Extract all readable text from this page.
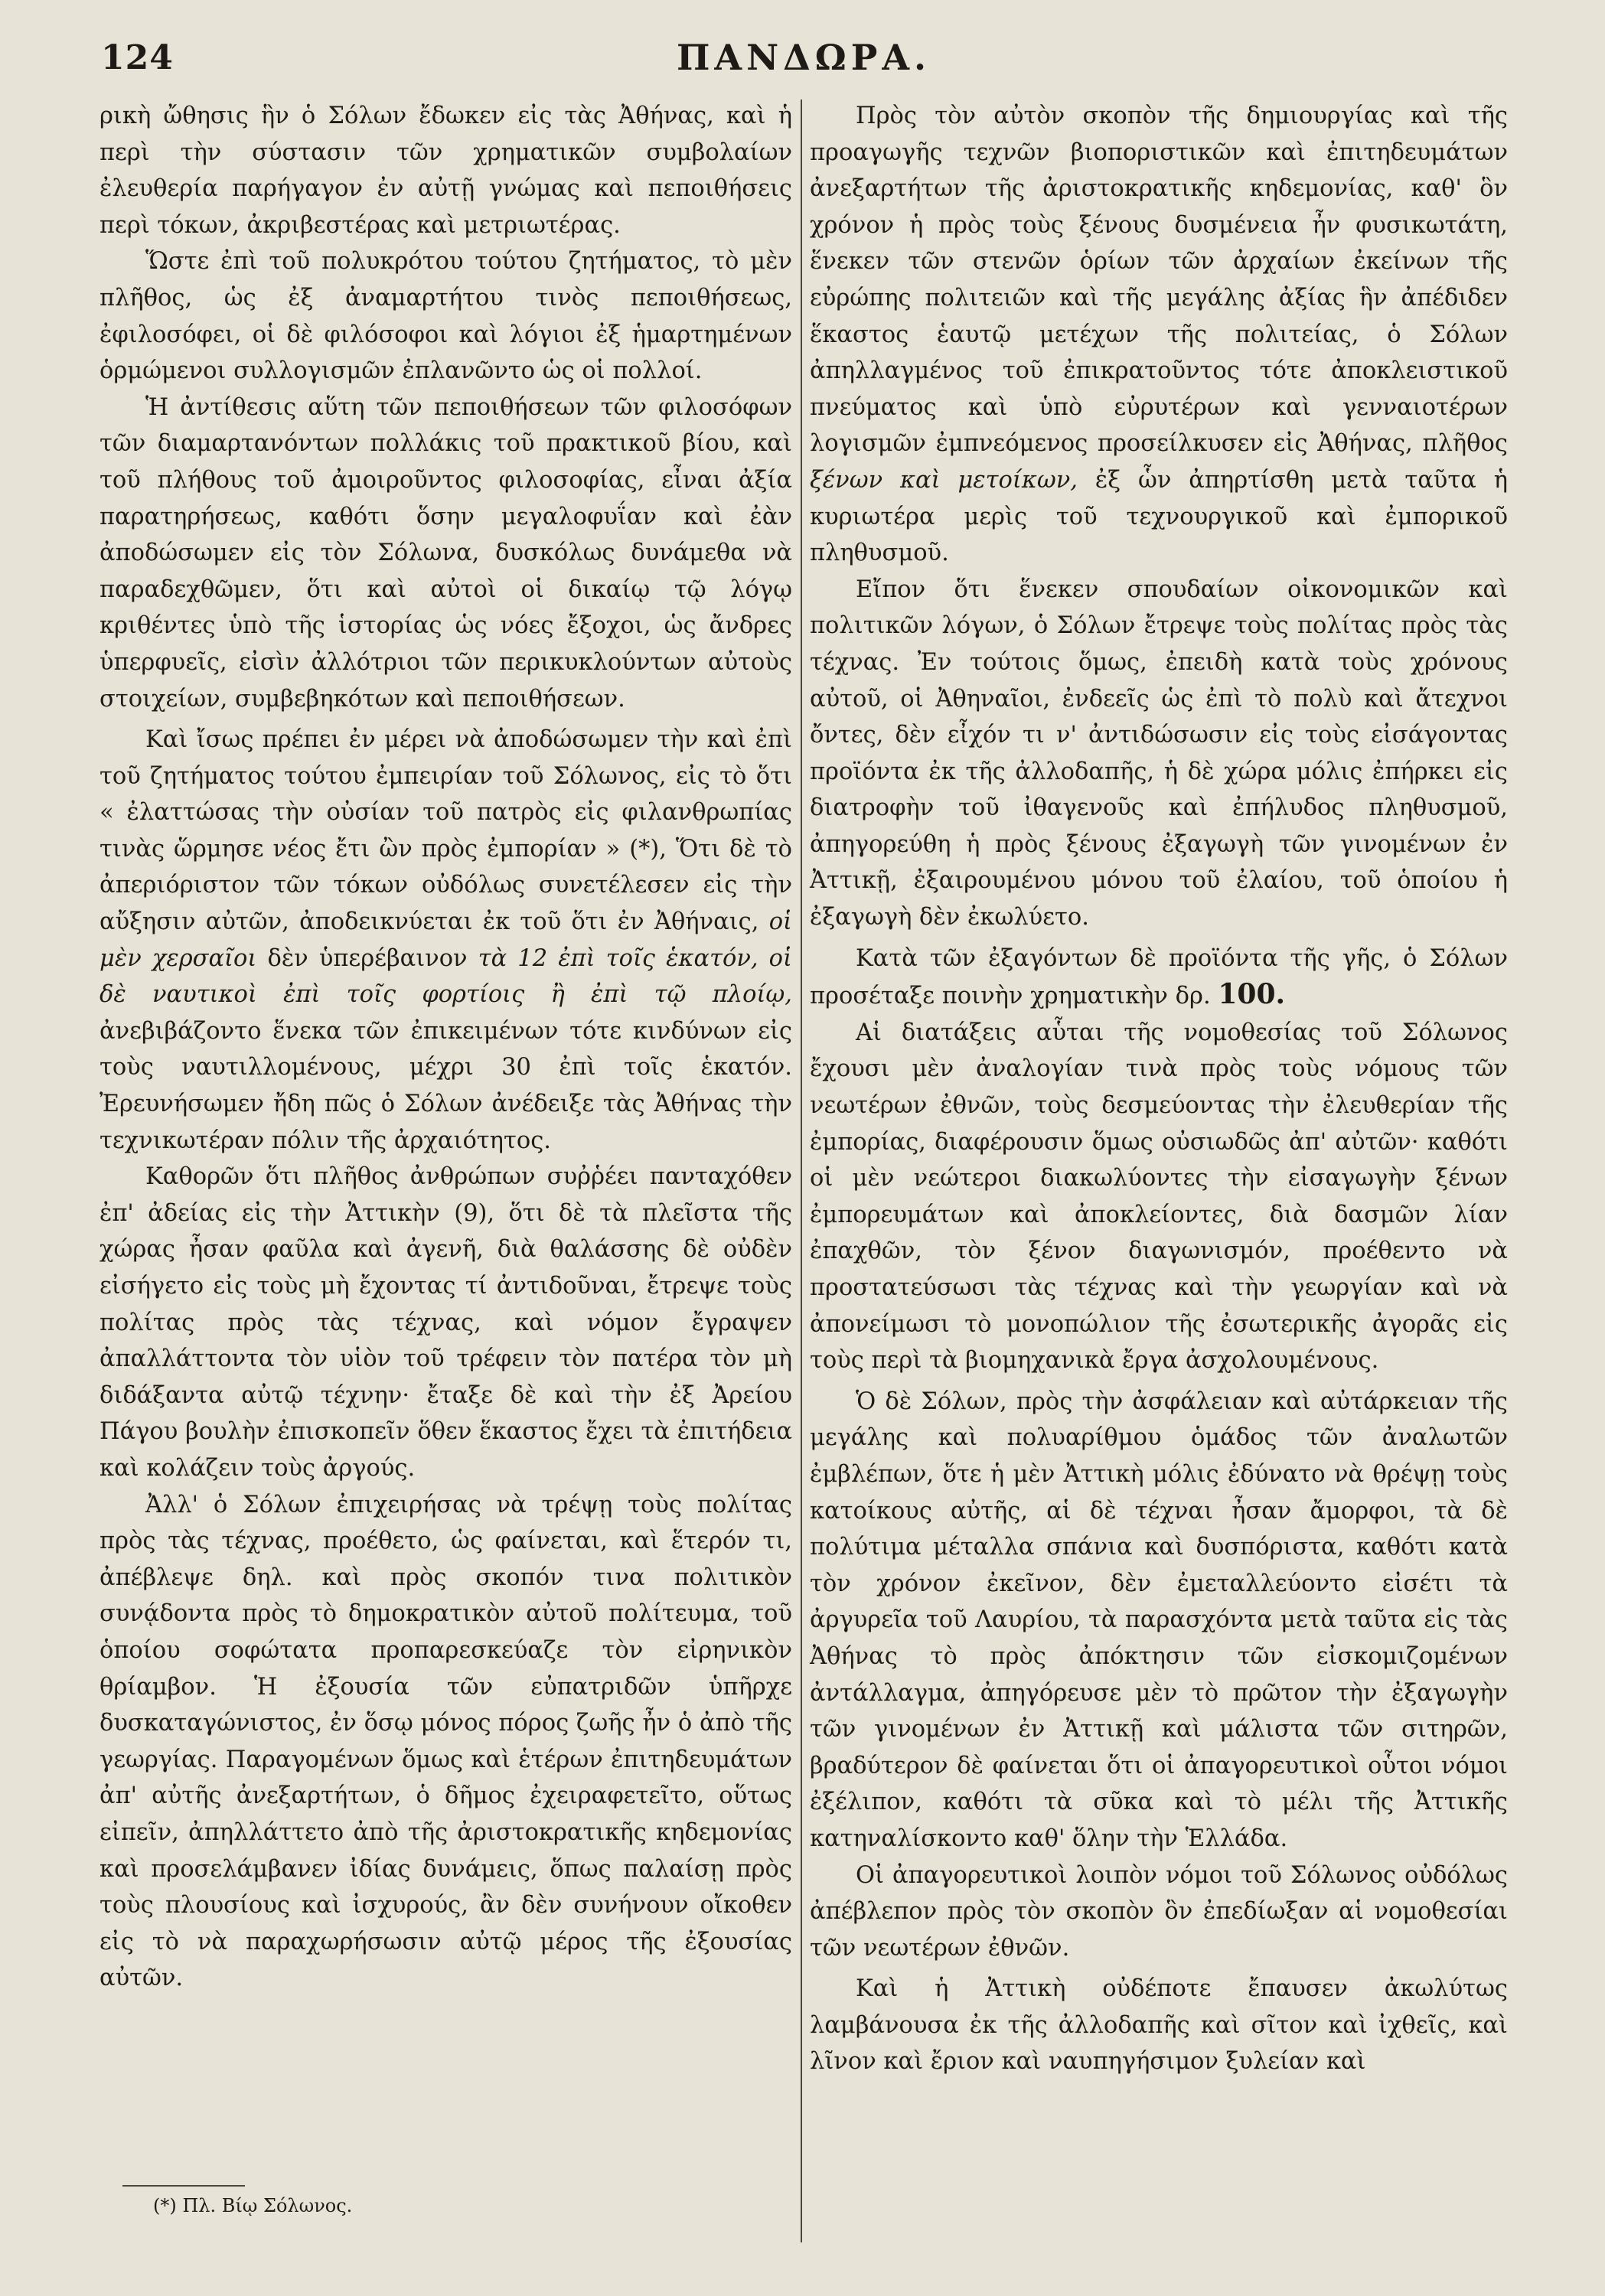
124	ΠΑΝΔΩΡΑ.

ρικὴ ὤθησις ἣν ὁ Σόλων ἔδωκεν εἰς τὰς Ἀθήνας, καὶ ἡ περὶ τὴν σύστασιν τῶν χρηματικῶν συμβολαίων ἐλευθερία παρήγαγον ἐν αὐτῇ γνώμας καὶ πεποιθήσεις περὶ τόκων, ἀκριβεστέρας καὶ μετριωτέρας.

Ὥστε ἐπὶ τοῦ πολυκρότου τούτου ζητήματος, τὸ μὲν πλῆθος, ὡς ἐξ ἀναμαρτήτου τινὸς πεποιθήσεως, ἐφιλοσόφει, οἱ δὲ φιλόσοφοι καὶ λόγιοι ἐξ ἡμαρτημένων ὁρμώμενοι συλλογισμῶν ἐπλανῶντο ὡς οἱ πολλοί.

Ἡ ἀντίθεσις αὕτη τῶν πεποιθήσεων τῶν φιλοσόφων τῶν διαμαρτανόντων πολλάκις τοῦ πρακτικοῦ βίου, καὶ τοῦ πλήθους τοῦ ἀμοιροῦντος φιλοσοφίας, εἶναι ἀξία παρατηρήσεως, καθότι ὅσην μεγαλοφυΐαν καὶ ἐὰν ἀποδώσωμεν εἰς τὸν Σόλωνα, δυσκόλως δυνάμεθα νὰ παραδεχθῶμεν, ὅτι καὶ αὐτοὶ οἱ δικαίῳ τῷ λόγῳ κριθέντες ὑπὸ τῆς ἱστορίας ὡς νόες ἔξοχοι, ὡς ἄνδρες ὑπερφυεῖς, εἰσὶν ἀλλότριοι τῶν περικυκλούντων αὐτοὺς στοιχείων, συμβεβηκότων καὶ πεποιθήσεων.

Καὶ ἴσως πρέπει ἐν μέρει νὰ ἀποδώσωμεν τὴν καὶ ἐπὶ τοῦ ζητήματος τούτου ἐμπειρίαν τοῦ Σόλωνος, εἰς τὸ ὅτι « ἐλαττώσας τὴν οὐσίαν τοῦ πατρὸς εἰς φιλανθρωπίας τινὰς ὥρμησε νέος ἔτι ὢν πρὸς ἐμπορίαν » (*), Ὅτι δὲ τὸ ἀπεριόριστον τῶν τόκων οὐδόλως συνετέλεσεν εἰς τὴν αὔξησιν αὐτῶν, ἀποδεικνύεται ἐκ τοῦ ὅτι ἐν Ἀθήναις, οἱ μὲν χερσαῖοι δὲν ὑπερέβαινον τὰ 12 ἐπὶ τοῖς ἑκατόν, οἱ δὲ ναυτικοὶ ἐπὶ τοῖς φορτίοις ἢ ἐπὶ τῷ πλοίῳ, ἀνεβιβάζοντο ἕνεκα τῶν ἐπικειμένων τότε κινδύνων εἰς τοὺς ναυτιλλομένους, μέχρι 30 ἐπὶ τοῖς ἑκατόν. Ἐρευνήσωμεν ἤδη πῶς ὁ Σόλων ἀνέδειξε τὰς Ἀθήνας τὴν τεχνικωτέραν πόλιν τῆς ἀρχαιότητος.

Καθορῶν ὅτι πλῆθος ἀνθρώπων συῤῥέει πανταχόθεν ἐπ' ἀδείας εἰς τὴν Ἀττικὴν (9), ὅτι δὲ τὰ πλεῖστα τῆς χώρας ἦσαν φαῦλα καὶ ἀγενῆ, διὰ θαλάσσης δὲ οὐδὲν εἰσήγετο εἰς τοὺς μὴ ἔχοντας τί ἀντιδοῦναι, ἔτρεψε τοὺς πολίτας πρὸς τὰς τέχνας, καὶ νόμον ἔγραψεν ἀπαλλάττοντα τὸν υἱὸν τοῦ τρέφειν τὸν πατέρα τὸν μὴ διδάξαντα αὐτῷ τέχνην· ἔταξε δὲ καὶ τὴν ἐξ Ἀρείου Πάγου βουλὴν ἐπισκοπεῖν ὅθεν ἕκαστος ἔχει τὰ ἐπιτήδεια καὶ κολάζειν τοὺς ἀργούς.

Ἀλλ' ὁ Σόλων ἐπιχειρήσας νὰ τρέψῃ τοὺς πολίτας πρὸς τὰς τέχνας, προέθετο, ὡς φαίνεται, καὶ ἕτερόν τι, ἀπέβλεψε δηλ. καὶ πρὸς σκοπόν τινα πολιτικὸν συνᾴδοντα πρὸς τὸ δημοκρατικὸν αὐτοῦ πολίτευμα, τοῦ ὁποίου σοφώτατα προπαρεσκεύαζε τὸν εἰρηνικὸν θρίαμβον. Ἡ ἐξουσία τῶν εὐπατριδῶν ὑπῆρχε δυσκαταγώνιστος, ἐν ὅσῳ μόνος πόρος ζωῆς ἦν ὁ ἀπὸ τῆς γεωργίας. Παραγομένων ὅμως καὶ ἑτέρων ἐπιτηδευμάτων ἀπ' αὐτῆς ἀνεξαρτήτων, ὁ δῆμος ἐχειραφετεῖτο, οὕτως εἰπεῖν, ἀπηλλάττετο ἀπὸ τῆς ἀριστοκρατικῆς κηδεμονίας καὶ προσελάμβανεν ἰδίας δυνάμεις, ὅπως παλαίσῃ πρὸς τοὺς πλουσίους καὶ ἰσχυρούς, ἂν δὲν συνήνουν οἴκοθεν εἰς τὸ νὰ παραχωρήσωσιν αὐτῷ μέρος τῆς ἐξουσίας αὐτῶν.

Πρὸς τὸν αὐτὸν σκοπὸν τῆς δημιουργίας καὶ τῆς προαγωγῆς τεχνῶν βιοποριστικῶν καὶ ἐπιτηδευμάτων ἀνεξαρτήτων τῆς ἀριστοκρατικῆς κηδεμονίας, καθ' ὃν χρόνον ἡ πρὸς τοὺς ξένους δυσμένεια ἦν φυσικωτάτη, ἕνεκεν τῶν στενῶν ὁρίων τῶν ἀρχαίων ἐκείνων τῆς εὐρώπης πολιτειῶν καὶ τῆς μεγάλης ἀξίας ἣν ἀπέδιδεν ἕκαστος ἑαυτῷ μετέχων τῆς πολιτείας, ὁ Σόλων ἀπηλλαγμένος τοῦ ἐπικρατοῦντος τότε ἀποκλειστικοῦ πνεύματος καὶ ὑπὸ εὐρυτέρων καὶ γενναιοτέρων λογισμῶν ἐμπνεόμενος προσείλκυσεν εἰς Ἀθήνας, πλῆθος ξένων καὶ μετοίκων, ἐξ ὧν ἀπηρτίσθη μετὰ ταῦτα ἡ κυριωτέρα μερὶς τοῦ τεχνουργικοῦ καὶ ἐμπορικοῦ πληθυσμοῦ.

Εἴπον ὅτι ἕνεκεν σπουδαίων οἰκονομικῶν καὶ πολιτικῶν λόγων, ὁ Σόλων ἔτρεψε τοὺς πολίτας πρὸς τὰς τέχνας. Ἐν τούτοις ὅμως, ἐπειδὴ κατὰ τοὺς χρόνους αὐτοῦ, οἱ Ἀθηναῖοι, ἐνδεεῖς ὡς ἐπὶ τὸ πολὺ καὶ ἄτεχνοι ὄντες, δὲν εἶχόν τι ν' ἀντιδώσωσιν εἰς τοὺς εἰσάγοντας προϊόντα ἐκ τῆς ἀλλοδαπῆς, ἡ δὲ χώρα μόλις ἐπήρκει εἰς διατροφὴν τοῦ ἰθαγενοῦς καὶ ἐπήλυδος πληθυσμοῦ, ἀπηγορεύθη ἡ πρὸς ξένους ἐξαγωγὴ τῶν γινομένων ἐν Ἀττικῇ, ἐξαιρουμένου μόνου τοῦ ἐλαίου, τοῦ ὁποίου ἡ ἐξαγωγὴ δὲν ἐκωλύετο.

Κατὰ τῶν ἐξαγόντων δὲ προϊόντα τῆς γῆς, ὁ Σόλων προσέταξε ποινὴν χρηματικὴν δρ. 100.

Αἱ διατάξεις αὗται τῆς νομοθεσίας τοῦ Σόλωνος ἔχουσι μὲν ἀναλογίαν τινὰ πρὸς τοὺς νόμους τῶν νεωτέρων ἐθνῶν, τοὺς δεσμεύοντας τὴν ἐλευθερίαν τῆς ἐμπορίας, διαφέρουσιν ὅμως οὐσιωδῶς ἀπ' αὐτῶν· καθότι οἱ μὲν νεώτεροι διακωλύοντες τὴν εἰσαγωγὴν ξένων ἐμπορευμάτων καὶ ἀποκλείοντες, διὰ δασμῶν λίαν ἐπαχθῶν, τὸν ξένον διαγωνισμόν, προέθεντο νὰ προστατεύσωσι τὰς τέχνας καὶ τὴν γεωργίαν καὶ νὰ ἀπονείμωσι τὸ μονοπώλιον τῆς ἐσωτερικῆς ἀγορᾶς εἰς τοὺς περὶ τὰ βιομηχανικὰ ἔργα ἀσχολουμένους.

Ὁ δὲ Σόλων, πρὸς τὴν ἀσφάλειαν καὶ αὐτάρκειαν τῆς μεγάλης καὶ πολυαρίθμου ὁμάδος τῶν ἀναλωτῶν ἐμβλέπων, ὅτε ἡ μὲν Ἀττικὴ μόλις ἐδύνατο νὰ θρέψῃ τοὺς κατοίκους αὐτῆς, αἱ δὲ τέχναι ἦσαν ἄμορφοι, τὰ δὲ πολύτιμα μέταλλα σπάνια καὶ δυσπόριστα, καθότι κατὰ τὸν χρόνον ἐκεῖνον, δὲν ἐμεταλλεύοντο εἰσέτι τὰ ἀργυρεῖα τοῦ Λαυρίου, τὰ παρασχόντα μετὰ ταῦτα εἰς τὰς Ἀθήνας τὸ πρὸς ἀπόκτησιν τῶν εἰσκομιζομένων ἀντάλλαγμα, ἀπηγόρευσε μὲν τὸ πρῶτον τὴν ἐξαγωγὴν τῶν γινομένων ἐν Ἀττικῇ καὶ μάλιστα τῶν σιτηρῶν, βραδύτερον δὲ φαίνεται ὅτι οἱ ἀπαγορευτικοὶ οὗτοι νόμοι ἐξέλιπον, καθότι τὰ σῦκα καὶ τὸ μέλι τῆς Ἀττικῆς κατηναλίσκοντο καθ' ὅλην τὴν Ἑλλάδα.

Οἱ ἀπαγορευτικοὶ λοιπὸν νόμοι τοῦ Σόλωνος οὐδόλως ἀπέβλεπον πρὸς τὸν σκοπὸν ὃν ἐπεδίωξαν αἱ νομοθεσίαι τῶν νεωτέρων ἐθνῶν.

Καὶ ἡ Ἀττικὴ οὐδέποτε ἔπαυσεν ἀκωλύτως λαμβάνουσα ἐκ τῆς ἀλλοδαπῆς καὶ σῖτον καὶ ἰχθεῖς, καὶ λῖνον καὶ ἔριον καὶ ναυπηγήσιμον ξυλείαν καὶ

(*) Πλ. Βίῳ Σόλωνος.
